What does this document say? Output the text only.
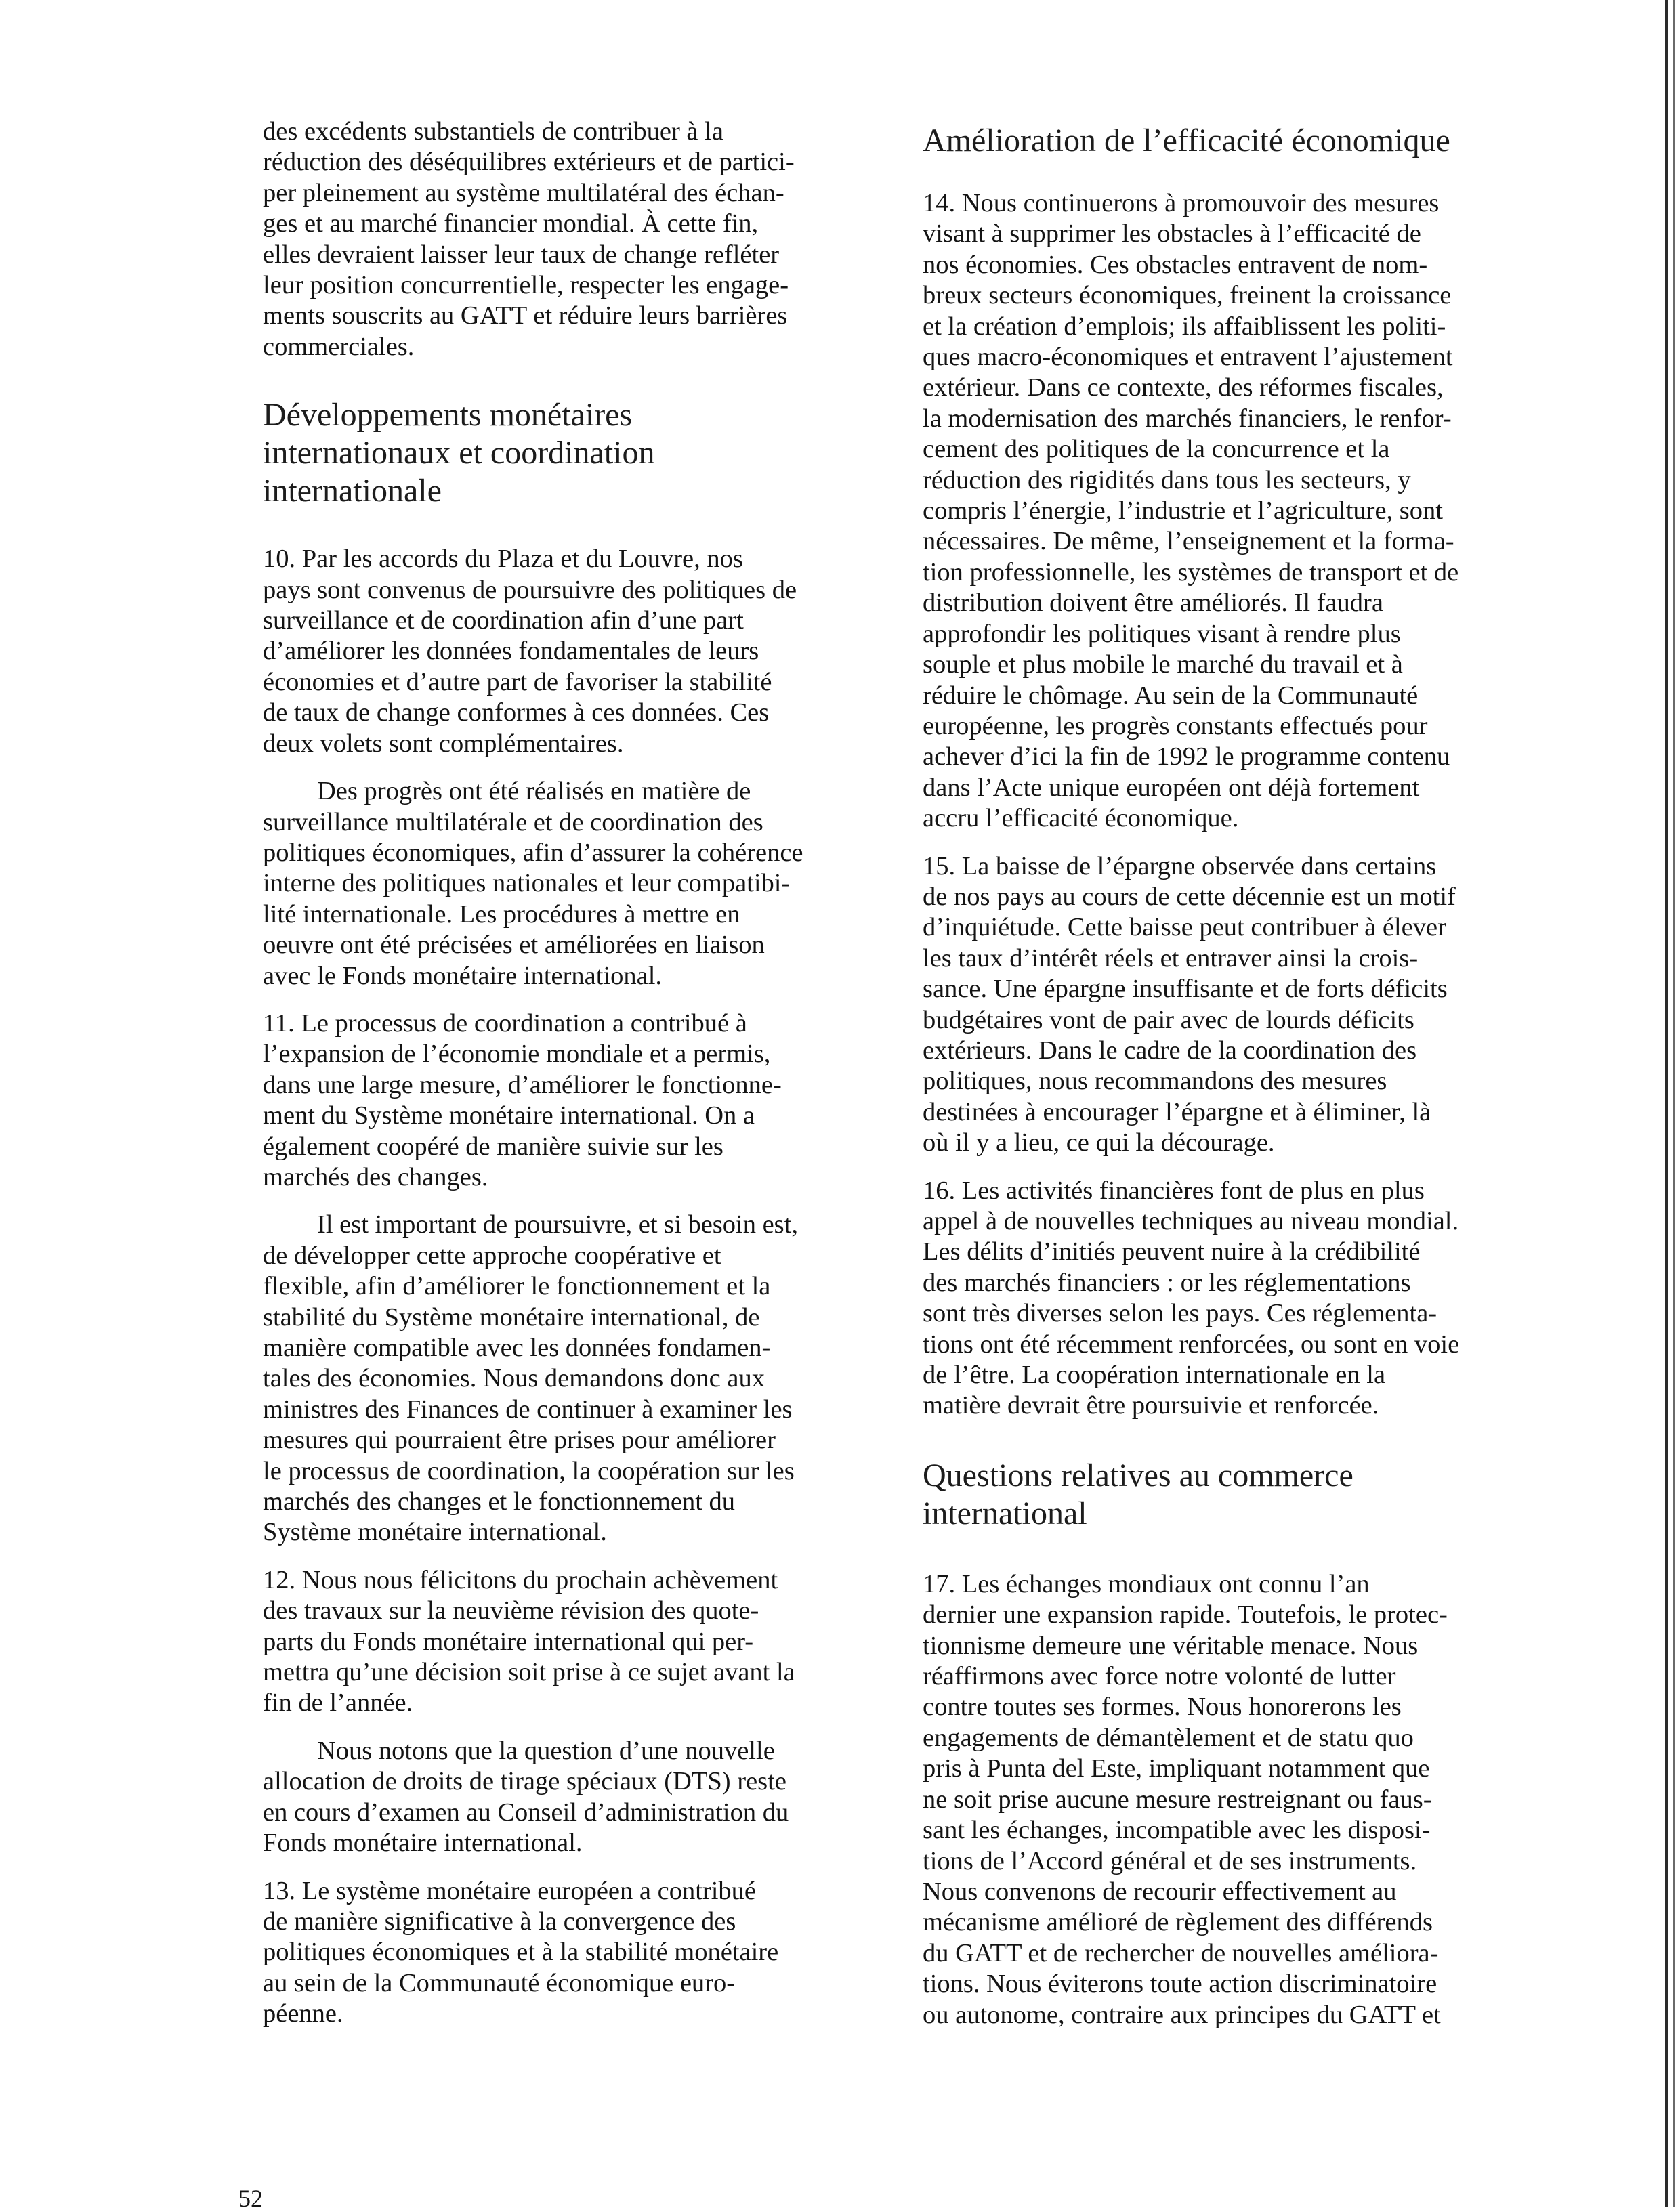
des excédents substantiels de contribuer à la
réduction des déséquilibres extérieurs et de partici-
per pleinement au système multilatéral des échan-
ges et au marché financier mondial. À cette fin,
elles devraient laisser leur taux de change refléter
leur position concurrentielle, respecter les engage-
ments souscrits au GATT et réduire leurs barrières
commerciales.

Développements monétaires
internationaux et coordination
internationale

10. Par les accords du Plaza et du Louvre, nos
pays sont convenus de poursuivre des politiques de
surveillance et de coordination afin d’une part
d’améliorer les données fondamentales de leurs
économies et d’autre part de favoriser la stabilité
de taux de change conformes à ces données. Ces
deux volets sont complémentaires.

Des progrès ont été réalisés en matière de
surveillance multilatérale et de coordination des
politiques économiques, afin d’assurer la cohérence
interne des politiques nationales et leur compatibi-
lité internationale. Les procédures à mettre en
oeuvre ont été précisées et améliorées en liaison
avec le Fonds monétaire international.

11. Le processus de coordination a contribué à
l’expansion de l’économie mondiale et a permis,
dans une large mesure, d’améliorer le fonctionne-
ment du Système monétaire international. On a
également coopéré de manière suivie sur les
marchés des changes.

Il est important de poursuivre, et si besoin est,
de développer cette approche coopérative et
flexible, afin d’améliorer le fonctionnement et la
stabilité du Système monétaire international, de
manière compatible avec les données fondamen-
tales des économies. Nous demandons donc aux
ministres des Finances de continuer à examiner les
mesures qui pourraient être prises pour améliorer
le processus de coordination, la coopération sur les
marchés des changes et le fonctionnement du
Système monétaire international.

12. Nous nous félicitons du prochain achèvement
des travaux sur la neuvième révision des quote-
parts du Fonds monétaire international qui per-
mettra qu’une décision soit prise à ce sujet avant la
fin de l’année.

Nous notons que la question d’une nouvelle
allocation de droits de tirage spéciaux (DTS) reste
en cours d’examen au Conseil d’administration du
Fonds monétaire international.

13. Le système monétaire européen a contribué
de manière significative à la convergence des
politiques économiques et à la stabilité monétaire
au sein de la Communauté économique euro-
péenne.

Amélioration de l’efficacité économique

14. Nous continuerons à promouvoir des mesures
visant à supprimer les obstacles à l’efficacité de
nos économies. Ces obstacles entravent de nom-
breux secteurs économiques, freinent la croissance
et la création d’emplois; ils affaiblissent les politi-
ques macro-économiques et entravent l’ajustement
extérieur. Dans ce contexte, des réformes fiscales,
la modernisation des marchés financiers, le renfor-
cement des politiques de la concurrence et la
réduction des rigidités dans tous les secteurs, y
compris l’énergie, l’industrie et l’agriculture, sont
nécessaires. De même, l’enseignement et la forma-
tion professionnelle, les systèmes de transport et de
distribution doivent être améliorés. Il faudra
approfondir les politiques visant à rendre plus
souple et plus mobile le marché du travail et à
réduire le chômage. Au sein de la Communauté
européenne, les progrès constants effectués pour
achever d’ici la fin de 1992 le programme contenu
dans l’Acte unique européen ont déjà fortement
accru l’efficacité économique.

15. La baisse de l’épargne observée dans certains
de nos pays au cours de cette décennie est un motif
d’inquiétude. Cette baisse peut contribuer à élever
les taux d’intérêt réels et entraver ainsi la crois-
sance. Une épargne insuffisante et de forts déficits
budgétaires vont de pair avec de lourds déficits
extérieurs. Dans le cadre de la coordination des
politiques, nous recommandons des mesures
destinées à encourager l’épargne et à éliminer, là
où il y a lieu, ce qui la décourage.

16. Les activités financières font de plus en plus
appel à de nouvelles techniques au niveau mondial.
Les délits d’initiés peuvent nuire à la crédibilité
des marchés financiers : or les réglementations
sont très diverses selon les pays. Ces réglementa-
tions ont été récemment renforcées, ou sont en voie
de l’être. La coopération internationale en la
matière devrait être poursuivie et renforcée.

Questions relatives au commerce
international

17. Les échanges mondiaux ont connu l’an
dernier une expansion rapide. Toutefois, le protec-
tionnisme demeure une véritable menace. Nous
réaffirmons avec force notre volonté de lutter
contre toutes ses formes. Nous honorerons les
engagements de démantèlement et de statu quo
pris à Punta del Este, impliquant notamment que
ne soit prise aucune mesure restreignant ou faus-
sant les échanges, incompatible avec les disposi-
tions de l’Accord général et de ses instruments.
Nous convenons de recourir effectivement au
mécanisme amélioré de règlement des différends
du GATT et de rechercher de nouvelles améliora-
tions. Nous éviterons toute action discriminatoire
ou autonome, contraire aux principes du GATT et

52
